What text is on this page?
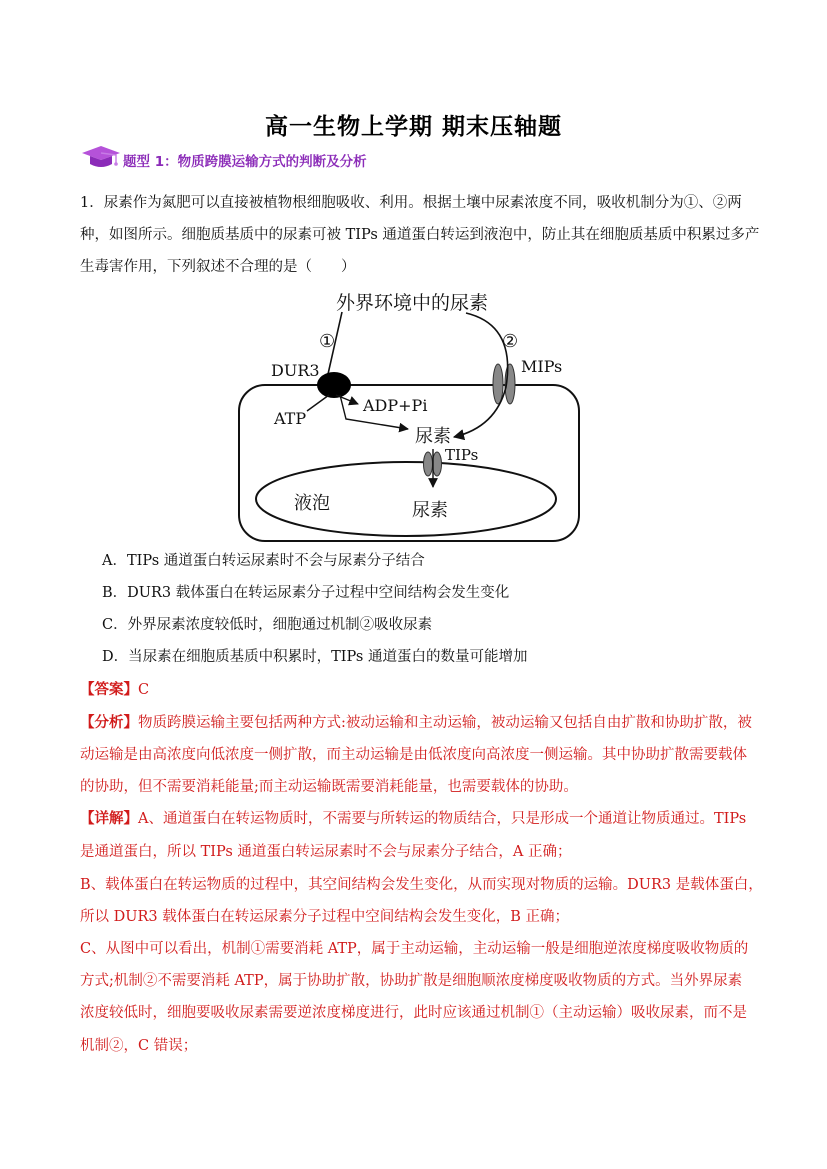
高一生物上学期 期末压轴题
题型 1：物质跨膜运输方式的判断及分析
1．尿素作为氮肥可以直接被植物根细胞吸收、利用。根据土壤中尿素浓度不同，吸收机制分为①、②两
种，如图所示。细胞质基质中的尿素可被 TIPs 通道蛋白转运到液泡中，防止其在细胞质基质中积累过多产
生毒害作用，下列叙述不合理的是（　　）
外界环境中的尿素
①	②
DUR3
ATP
ADP+Pi
尿素
MIPs
TIPs
液泡	尿素
A．TIPs 通道蛋白转运尿素时不会与尿素分子结合
B．DUR3 载体蛋白在转运尿素分子过程中空间结构会发生变化
C．外界尿素浓度较低时，细胞通过机制②吸收尿素
D．当尿素在细胞质基质中积累时，TIPs 通道蛋白的数量可能增加
【答案】C
【分析】物质跨膜运输主要包括两种方式:被动运输和主动运输，被动运输又包括自由扩散和协助扩散，被
动运输是由高浓度向低浓度一侧扩散，而主动运输是由低浓度向高浓度一侧运输。其中协助扩散需要载体
的协助，但不需要消耗能量;而主动运输既需要消耗能量，也需要载体的协助。
【详解】A、通道蛋白在转运物质时，不需要与所转运的物质结合，只是形成一个通道让物质通过。TIPs
是通道蛋白，所以 TIPs 通道蛋白转运尿素时不会与尿素分子结合，A 正确；
B、载体蛋白在转运物质的过程中，其空间结构会发生变化，从而实现对物质的运输。DUR3 是载体蛋白，
所以 DUR3 载体蛋白在转运尿素分子过程中空间结构会发生变化，B 正确；
C、从图中可以看出，机制①需要消耗 ATP，属于主动运输，主动运输一般是细胞逆浓度梯度吸收物质的
方式;机制②不需要消耗 ATP，属于协助扩散，协助扩散是细胞顺浓度梯度吸收物质的方式。当外界尿素
浓度较低时，细胞要吸收尿素需要逆浓度梯度进行，此时应该通过机制①（主动运输）吸收尿素，而不是
机制②，C 错误；
